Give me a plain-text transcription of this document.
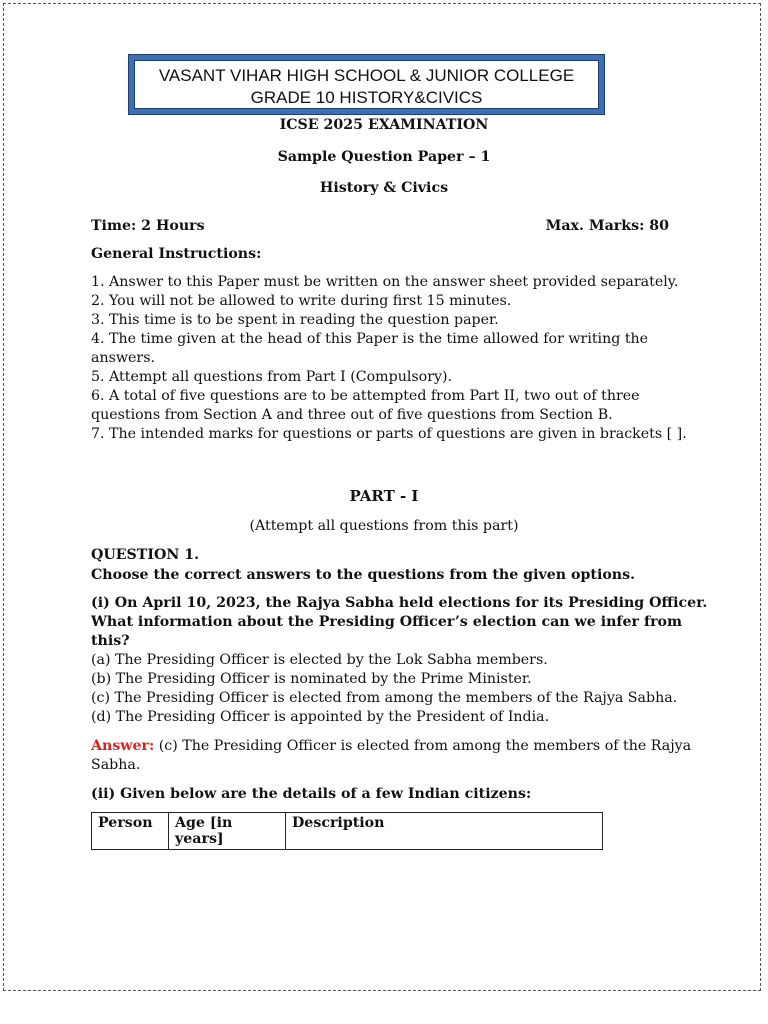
VASANT VIHAR HIGH SCHOOL & JUNIOR COLLEGE
GRADE 10 HISTORY&CIVICS
ICSE 2025 EXAMINATION
Sample Question Paper – 1
History & Civics
Time: 2 Hours	Max. Marks: 80
General Instructions:
1. Answer to this Paper must be written on the answer sheet provided separately.
2. You will not be allowed to write during first 15 minutes.
3. This time is to be spent in reading the question paper.
4. The time given at the head of this Paper is the time allowed for writing the
answers.
5. Attempt all questions from Part I (Compulsory).
6. A total of five questions are to be attempted from Part II, two out of three
questions from Section A and three out of five questions from Section B.
7. The intended marks for questions or parts of questions are given in brackets [ ].
PART - I
(Attempt all questions from this part)
QUESTION 1.
Choose the correct answers to the questions from the given options.
(i) On April 10, 2023, the Rajya Sabha held elections for its Presiding Officer.
What information about the Presiding Officer’s election can we infer from
this?
(a) The Presiding Officer is elected by the Lok Sabha members.
(b) The Presiding Officer is nominated by the Prime Minister.
(c) The Presiding Officer is elected from among the members of the Rajya Sabha.
(d) The Presiding Officer is appointed by the President of India.
Answer: (c) The Presiding Officer is elected from among the members of the Rajya
Sabha.
(ii) Given below are the details of a few Indian citizens:
Person	Age [in years]	Description
